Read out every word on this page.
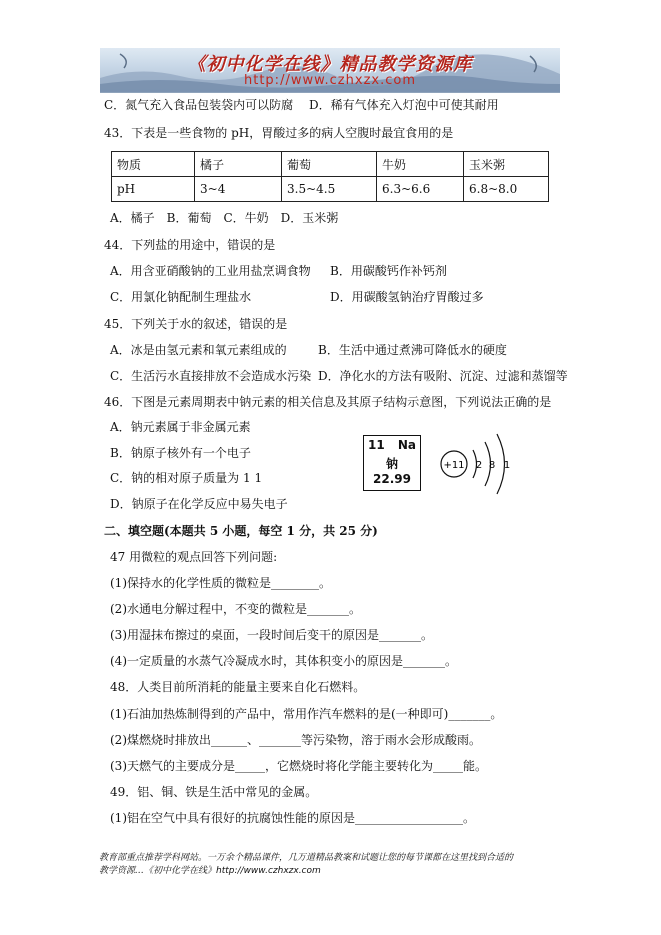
《初中化学在线》精品教学资源库
http://www.czhxzx.com
C．氮气充入食品包装袋内可以防腐　 D．稀有气体充入灯泡中可使其耐用
43．下表是一些食物的 pH，胃酸过多的病人空腹时最宜食用的是
物质	橘子	葡萄	牛奶	玉米粥
pH	3~4	3.5~4.5	6.3~6.6	6.8~8.0
A．橘子　B．葡萄　C．牛奶　D．玉米粥
44．下列盐的用途中，错误的是
A．用含亚硝酸钠的工业用盐烹调食物 B．用碳酸钙作补钙剂
C．用氯化钠配制生理盐水	D．用碳酸氢钠治疗胃酸过多
45．下列关于水的叙述，错误的是
A．冰是由氢元素和氧元素组成的	B．生活中通过煮沸可降低水的硬度
C．生活污水直接排放不会造成水污染 D．净化水的方法有吸附、沉淀、过滤和蒸馏等
46．下图是元素周期表中钠元素的相关信息及其原子结构示意图，下列说法正确的是
A．钠元素属于非金属元素
B．钠原子核外有一个电子
C．钠的相对原子质量为 1 1
D．钠原子在化学反应中易失电子
11 Na
钠
22.99
+11 2 8 1
二、填空题(本题共 5 小题，每空 1 分，共 25 分)
47 用微粒的观点回答下列问题:
(1)保持水的化学性质的微粒是________。
(2)水通电分解过程中，不变的微粒是_______。
(3)用湿抹布擦过的桌面，一段时间后变干的原因是_______。
(4)一定质量的水蒸气冷凝成水时，其体积变小的原因是_______。
48．人类目前所消耗的能量主要来自化石燃料。
(1)石油加热炼制得到的产品中，常用作汽车燃料的是(一种即可)_______。
(2)煤燃烧时排放出______、_______等污染物，溶于雨水会形成酸雨。
(3)天燃气的主要成分是_____，它燃烧时将化学能主要转化为_____能。
49．铝、铜、铁是生活中常见的金属。
(1)铝在空气中具有很好的抗腐蚀性能的原因是__________________。
教育部重点推荐学科网站。一万余个精品课件，几万道精品教案和试题让您的每节课都在这里找到合适的
教学资源…《初中化学在线》http://www.czhxzx.com
